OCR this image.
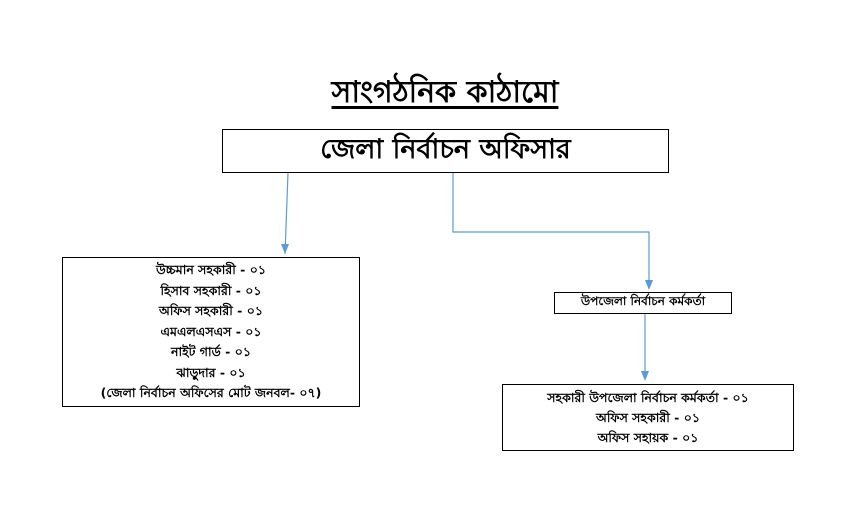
সাংগঠনিক কাঠামো
জেলা নির্বাচন অফিসার
উচ্চমান সহকারী - ০১
হিসাব সহকারী - ০১
অফিস সহকারী - ০১
এমএলএসএস - ০১
নাইট গার্ড - ০১
ঝাড়ুদার - ০১
(জেলা নির্বাচন অফিসের মোট জনবল- ০৭)
উপজেলা নির্বাচন কর্মকর্তা
সহকারী উপজেলা নির্বাচন কর্মকর্তা - ০১
অফিস সহকারী - ০১
অফিস সহায়ক - ০১
